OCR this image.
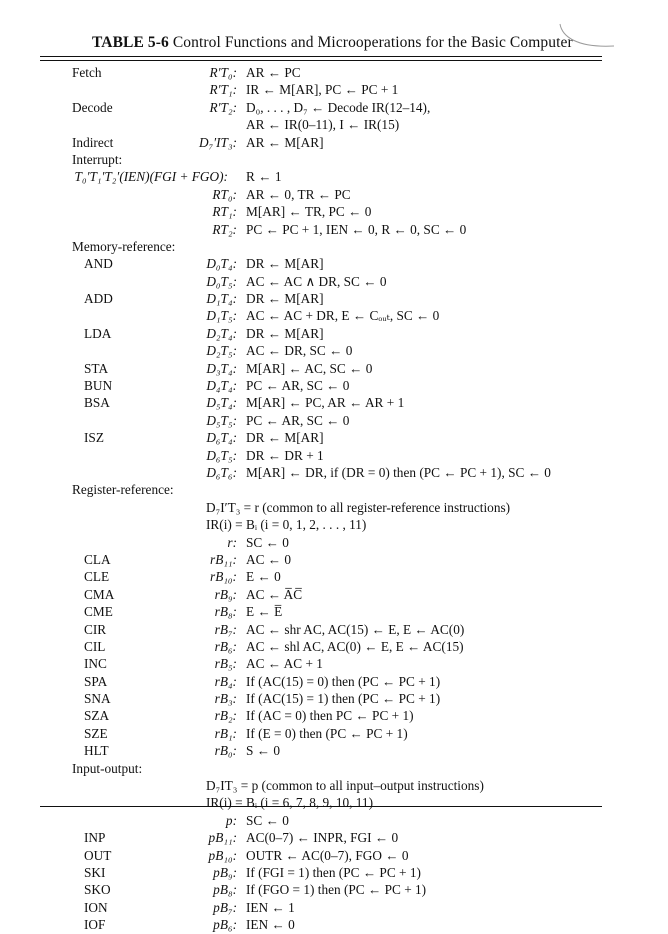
TABLE 5-6 Control Functions and Microoperations for the Basic Computer
Fetch	R′T₀: AR ← PC
R′T₁: IR ← M[AR], PC ← PC + 1
Decode	R′T₂: D₀, . . . , D₇ ← Decode IR(12–14),
AR ← IR(0–11), I ← IR(15)
Indirect	D₇′IT₃: AR ← M[AR]
Interrupt:
T₀′T₁′T₂′(IEN)(FGI + FGO): R ← 1
RT₀: AR ← 0, TR ← PC
RT₁: M[AR] ← TR, PC ← 0
RT₂: PC ← PC + 1, IEN ← 0, R ← 0, SC ← 0
Memory-reference:
AND	D₀T₄: DR ← M[AR]
D₀T₅: AC ← AC ∧ DR, SC ← 0
ADD	D₁T₄: DR ← M[AR]
D₁T₅: AC ← AC + DR, E ← Cₒᵤₜ, SC ← 0
LDA	D₂T₄: DR ← M[AR]
D₂T₅: AC ← DR, SC ← 0
STA	D₃T₄: M[AR] ← AC, SC ← 0
BUN	D₄T₄: PC ← AR, SC ← 0
BSA	D₅T₄: M[AR] ← PC, AR ← AR + 1
D₅T₅: PC ← AR, SC ← 0
ISZ	D₆T₄: DR ← M[AR]
D₆T₅: DR ← DR + 1
D₆T₆: M[AR] ← DR, if (DR = 0) then (PC ← PC + 1), SC ← 0
Register-reference:
D₇I′T₃ = r (common to all register-reference instructions)
IR(i) = Bᵢ (i = 0, 1, 2, . . . , 11)
r: SC ← 0
CLA	rB₁₁: AC ← 0
CLE	rB₁₀: E ← 0
CMA	rB₉: AC ← A̅C̅
CME	rB₈: E ← E̅
CIR	rB₇: AC ← shr AC, AC(15) ← E, E ← AC(0)
CIL	rB₆: AC ← shl AC, AC(0) ← E, E ← AC(15)
INC	rB₅: AC ← AC + 1
SPA	rB₄: If (AC(15) = 0) then (PC ← PC + 1)
SNA	rB₃: If (AC(15) = 1) then (PC ← PC + 1)
SZA	rB₂: If (AC = 0) then PC ← PC + 1)
SZE	rB₁: If (E = 0) then (PC ← PC + 1)
HLT	rB₀: S ← 0
Input-output:
D₇IT₃ = p (common to all input–output instructions)
IR(i) = Bᵢ (i = 6, 7, 8, 9, 10, 11)
p: SC ← 0
INP	pB₁₁: AC(0–7) ← INPR, FGI ← 0
OUT	pB₁₀: OUTR ← AC(0–7), FGO ← 0
SKI	pB₉: If (FGI = 1) then (PC ← PC + 1)
SKO	pB₈: If (FGO = 1) then (PC ← PC + 1)
ION	pB₇: IEN ← 1
IOF	pB₆: IEN ← 0
